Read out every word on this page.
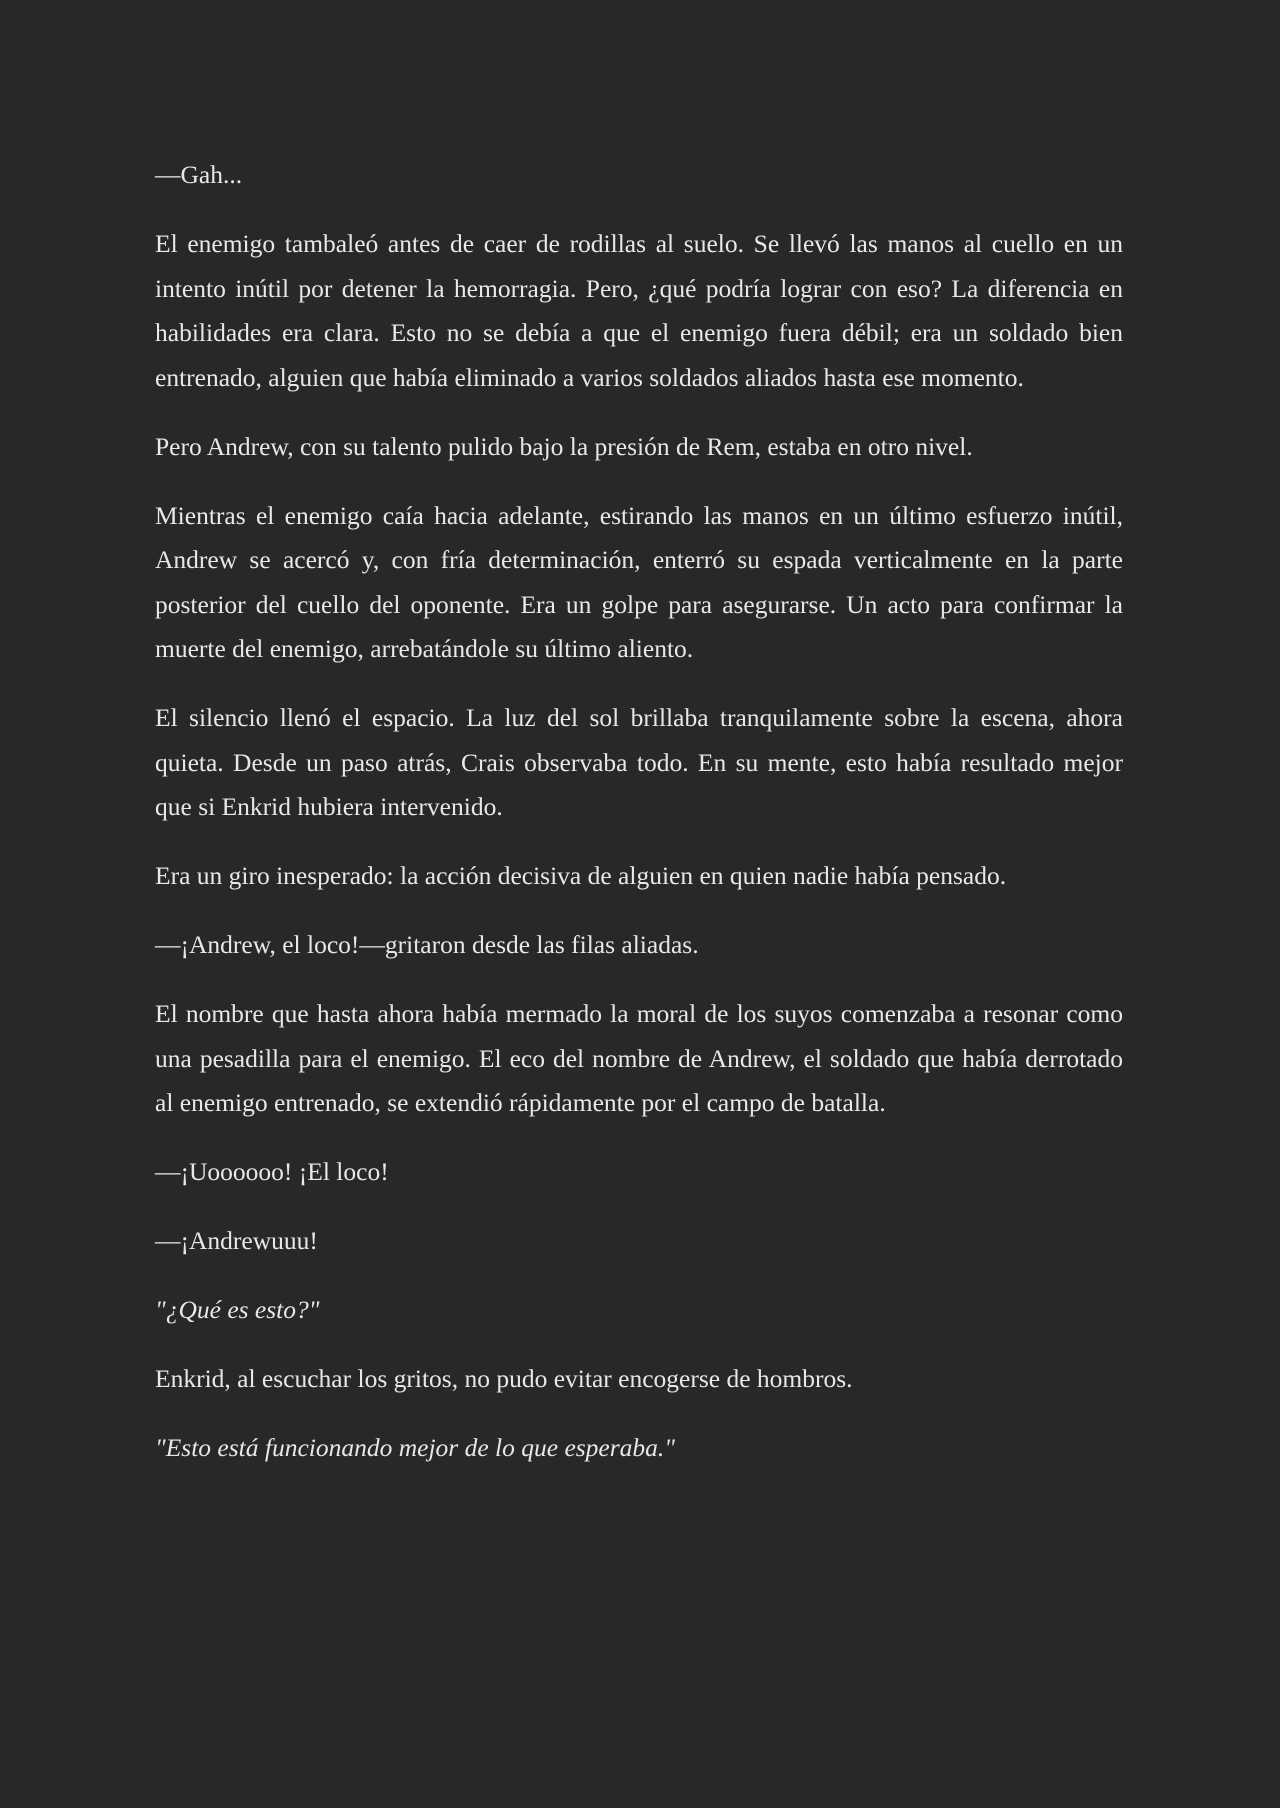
—Gah...

El enemigo tambaleó antes de caer de rodillas al suelo. Se llevó las manos al cuello en un intento inútil por detener la hemorragia. Pero, ¿qué podría lograr con eso? La diferencia en habilidades era clara. Esto no se debía a que el enemigo fuera débil; era un soldado bien entrenado, alguien que había eliminado a varios soldados aliados hasta ese momento.

Pero Andrew, con su talento pulido bajo la presión de Rem, estaba en otro nivel.

Mientras el enemigo caía hacia adelante, estirando las manos en un último esfuerzo inútil, Andrew se acercó y, con fría determinación, enterró su espada verticalmente en la parte posterior del cuello del oponente. Era un golpe para asegurarse. Un acto para confirmar la muerte del enemigo, arrebatándole su último aliento.

El silencio llenó el espacio. La luz del sol brillaba tranquilamente sobre la escena, ahora quieta. Desde un paso atrás, Crais observaba todo. En su mente, esto había resultado mejor que si Enkrid hubiera intervenido.

Era un giro inesperado: la acción decisiva de alguien en quien nadie había pensado.

—¡Andrew, el loco!—gritaron desde las filas aliadas.

El nombre que hasta ahora había mermado la moral de los suyos comenzaba a resonar como una pesadilla para el enemigo. El eco del nombre de Andrew, el soldado que había derrotado al enemigo entrenado, se extendió rápidamente por el campo de batalla.

—¡Uoooooo! ¡El loco!

—¡Andrewuuu!

"¿Qué es esto?"

Enkrid, al escuchar los gritos, no pudo evitar encogerse de hombros.

"Esto está funcionando mejor de lo que esperaba."
